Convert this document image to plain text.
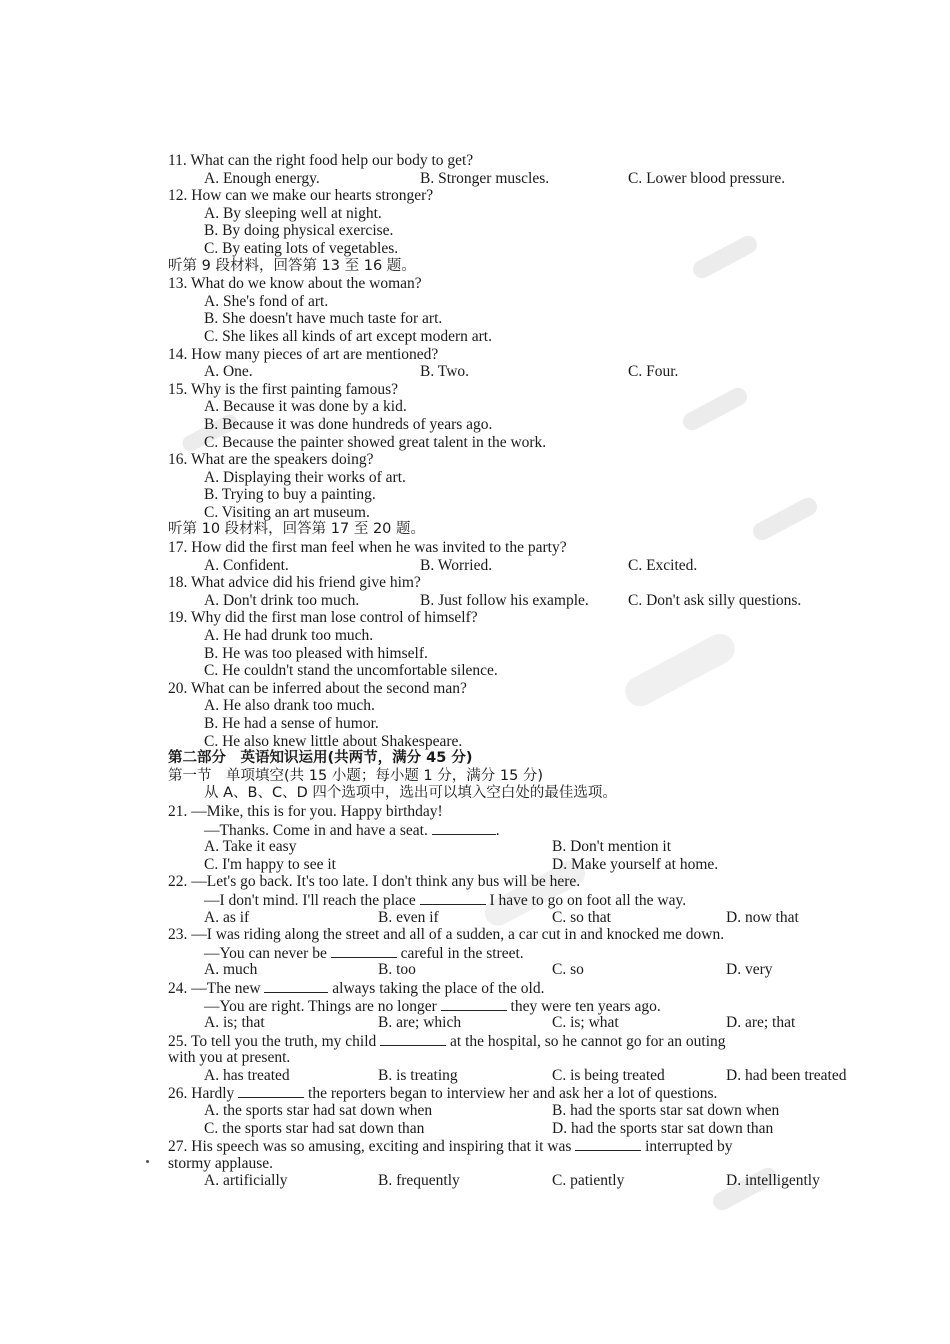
11. What can the right food help our body to get?
A. Enough energy.	B. Stronger muscles.	C. Lower blood pressure.
12. How can we make our hearts stronger?
A. By sleeping well at night.
B. By doing physical exercise.
C. By eating lots of vegetables.
听第 9 段材料，回答第 13 至 16 题。
13. What do we know about the woman?
A. She's fond of art.
B. She doesn't have much taste for art.
C. She likes all kinds of art except modern art.
14. How many pieces of art are mentioned?
A. One.	B. Two.	C. Four.
15. Why is the first painting famous?
A. Because it was done by a kid.
B. Because it was done hundreds of years ago.
C. Because the painter showed great talent in the work.
16. What are the speakers doing?
A. Displaying their works of art.
B. Trying to buy a painting.
C. Visiting an art museum.
听第 10 段材料，回答第 17 至 20 题。
17. How did the first man feel when he was invited to the party?
A. Confident.	B. Worried.	C. Excited.
18. What advice did his friend give him?
A. Don't drink too much.	B. Just follow his example.	C. Don't ask silly questions.
19. Why did the first man lose control of himself?
A. He had drunk too much.
B. He was too pleased with himself.
C. He couldn't stand the uncomfortable silence.
20. What can be inferred about the second man?
A. He also drank too much.
B. He had a sense of humor.
C. He also knew little about Shakespeare.
第二部分　英语知识运用(共两节，满分 45 分)
第一节　单项填空(共 15 小题；每小题 1 分，满分 15 分)
从 A、B、C、D 四个选项中，选出可以填入空白处的最佳选项。
21. —Mike, this is for you. Happy birthday!
—Thanks. Come in and have a seat.	.
A. Take it easy	B. Don't mention it
C. I'm happy to see it	D. Make yourself at home.
22. —Let's go back. It's too late. I don't think any bus will be here.
—I don't mind. I'll reach the place	I have to go on foot all the way.
A. as if	B. even if	C. so that	D. now that
23. —I was riding along the street and all of a sudden, a car cut in and knocked me down.
—You can never be	careful in the street.
A. much	B. too	C. so	D. very
24. —The new	always taking the place of the old.
—You are right. Things are no longer	they were ten years ago.
A. is; that	B. are; which	C. is; what	D. are; that
25. To tell you the truth, my child	at the hospital, so he cannot go for an outing
with you at present.
A. has treated	B. is treating	C. is being treated	D. had been treated
26. Hardly	the reporters began to interview her and ask her a lot of questions.
A. the sports star had sat down when	B. had the sports star sat down when
C. the sports star had sat down than	D. had the sports star sat down than
27. His speech was so amusing, exciting and inspiring that it was	interrupted by
stormy applause.
A. artificially	B. frequently	C. patiently	D. intelligently
